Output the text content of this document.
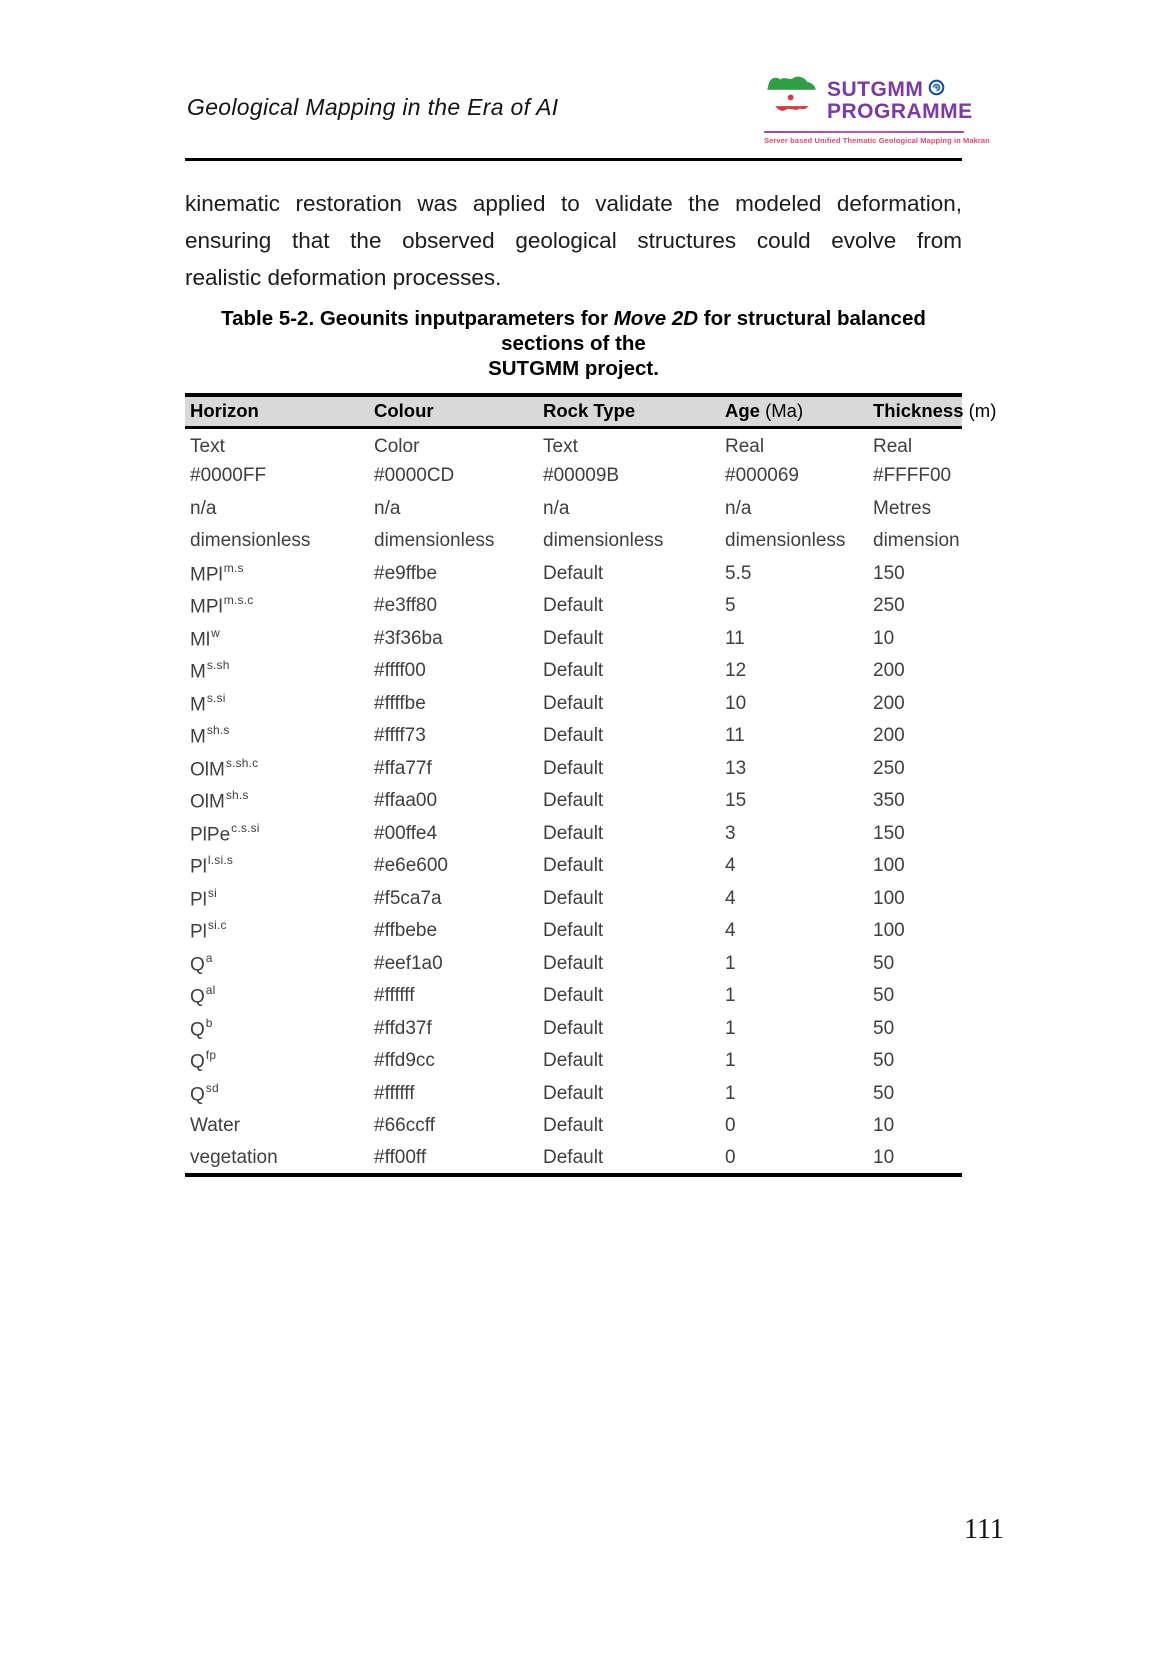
Geological Mapping in the Era of AI
SUTGMM
PROGRAMME
Server based Unified Thematic Geological Mapping in Makran
kinematic restoration was applied to validate the modeled deformation,
ensuring that the observed geological structures could evolve from
realistic deformation processes.
Table 5-2. Geounits inputparameters for Move 2D for structural balanced sections of the
SUTGMM project.
Horizon	Colour	Rock Type	Age (Ma)	Thickness (m)
Text	Color	Text	Real	Real
#0000FF	#0000CD	#00009B	#000069	#FFFF00
n/a	n/a	n/a	n/a	Metres
dimensionless	dimensionless	dimensionless	dimensionless	dimension
MPl$^{m.s}$	#e9ffbe	Default	5.5	150
MPl$^{m.s.c}$	#e3ff80	Default	5	250
Ml$^w$	#3f36ba	Default	11	10
$M^{s.sh}$	#ffff00	Default	12	200
$M^{s.si}$	#ffffbe	Default	10	200
$M^{sh.s}$	#ffff73	Default	11	200
OlM$^{s.sh.c}$	#ffa77f	Default	13	250
OlM$^{sh.s}$	#ffaa00	Default	15	350
PlPe$^{c.s.si}$	#00ffe4	Default	3	150
$Pl^{l.si.s}$	#e6e600	Default	4	100
$Pl^{si}$	#f5ca7a	Default	4	100
$Pl^{si.c}$	#ffbebe	Default	4	100
$Q^a$	#eef1a0	Default	1	50
$Q^{al}$	#ffffff	Default	1	50
$Q^b$	#ffd37f	Default	1	50
$Q^{fp}$	#ffd9cc	Default	1	50
$Q^{sd}$	#ffffff	Default	1	50
Water	#66ccff	Default	0	10
vegetation	#ff00ff	Default	0	10
111
